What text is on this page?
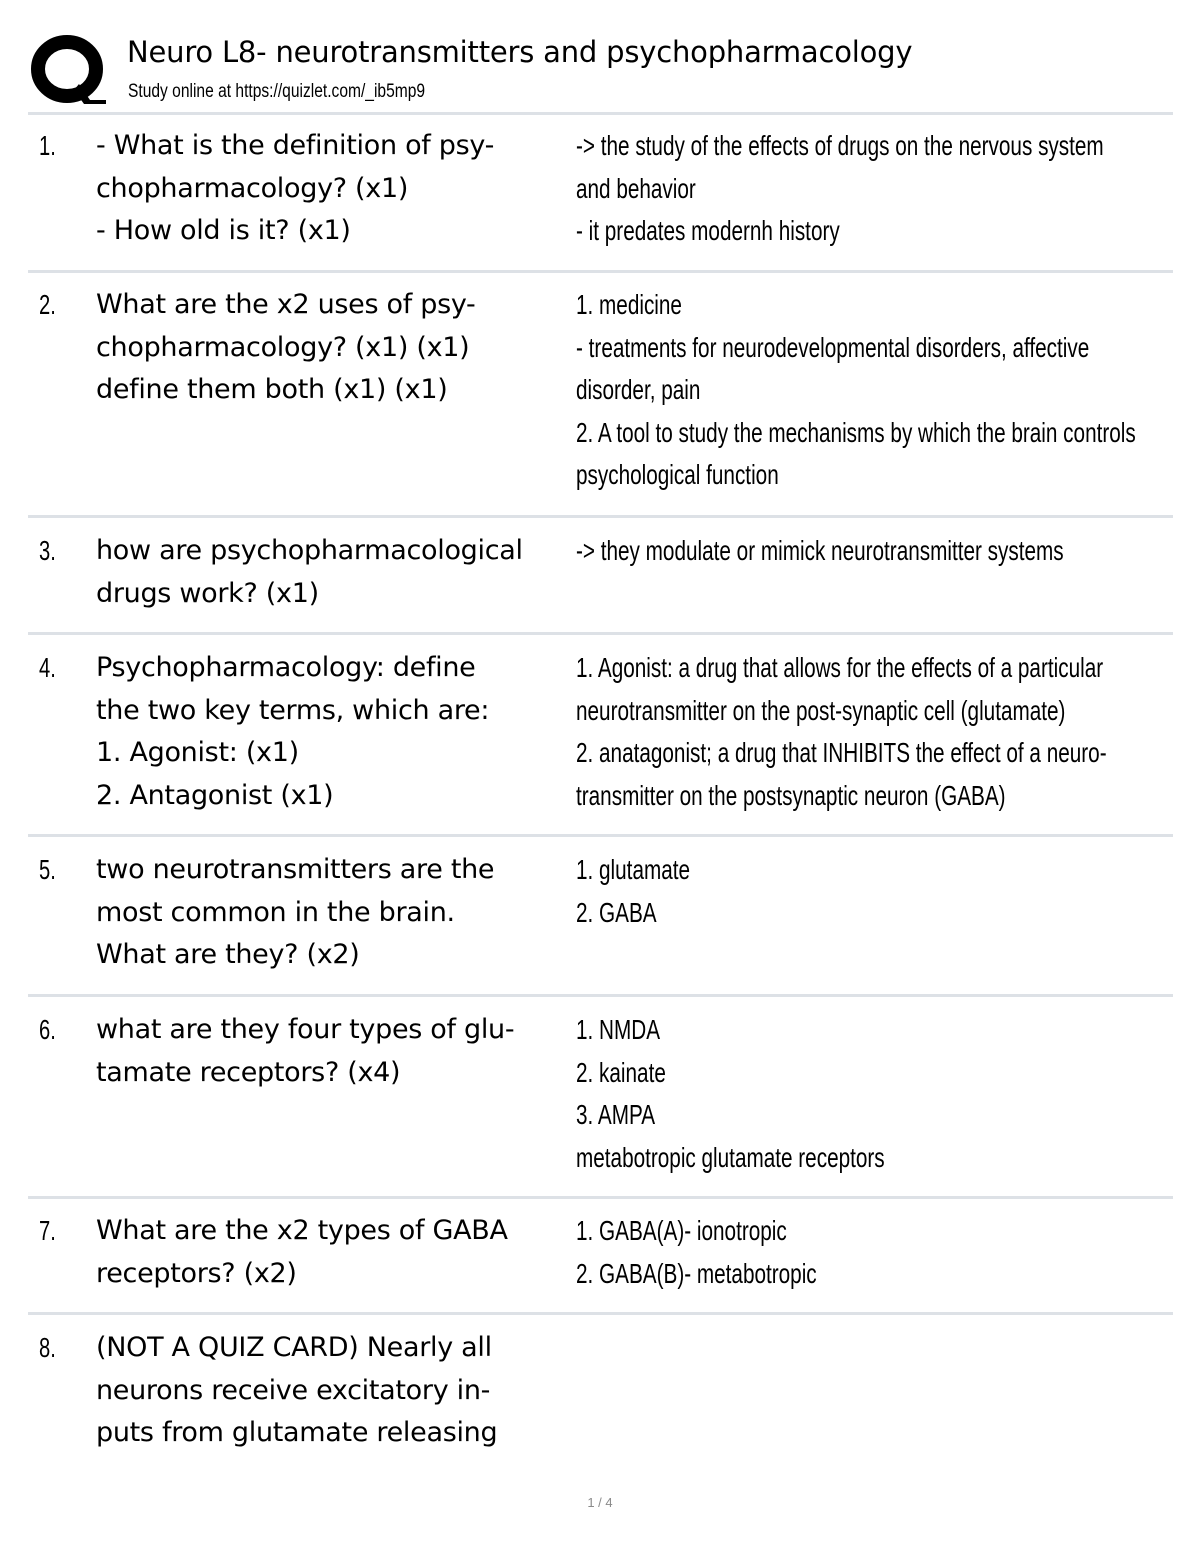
Neuro L8- neurotransmitters and psychopharmacology
Study online at https://quizlet.com/_ib5mp9
1. - What is the definition of psy-
chopharmacology? (x1)
- How old is it? (x1)
-> the study of the effects of drugs on the nervous system
and behavior
- it predates modernh history
2. What are the x2 uses of psy-
chopharmacology? (x1) (x1)
define them both (x1) (x1)
1. medicine
- treatments for neurodevelopmental disorders, affective
disorder, pain
2. A tool to study the mechanisms by which the brain controls
psychological function
3. how are psychopharmacological
drugs work? (x1)
-> they modulate or mimick neurotransmitter systems
4. Psychopharmacology: define
the two key terms, which are:
1. Agonist: (x1)
2. Antagonist (x1)
1. Agonist: a drug that allows for the effects of a particular
neurotransmitter on the post-synaptic cell (glutamate)
2. anatagonist; a drug that INHIBITS the effect of a neuro-
transmitter on the postsynaptic neuron (GABA)
5. two neurotransmitters are the
most common in the brain.
What are they? (x2)
1. glutamate
2. GABA
6. what are they four types of glu-
tamate receptors? (x4)
1. NMDA
2. kainate
3. AMPA
metabotropic glutamate receptors
7. What are the x2 types of GABA
receptors? (x2)
1. GABA(A)- ionotropic
2. GABA(B)- metabotropic
8. (NOT A QUIZ CARD) Nearly all
neurons receive excitatory in-
puts from glutamate releasing
1 / 4
